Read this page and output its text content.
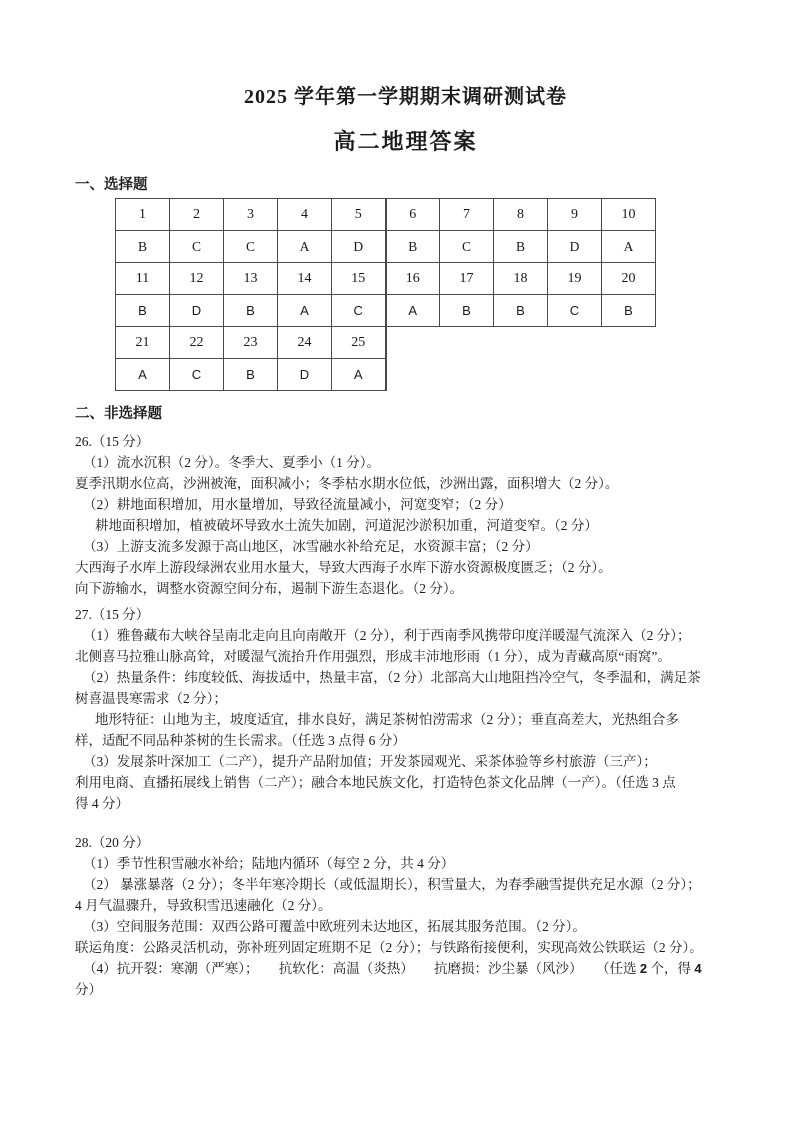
2025 学年第一学期期末调研测试卷
高二地理答案
一、选择题
1	2	3	4	5	6	7	8	9	10
B	C	C	A	D	B	C	B	D	A
11	12	13	14	15	16	17	18	19	20
B	D	B	A	C	A	B	B	C	B
21	22	23	24	25					
A	C	B	D	A					
二、非选择题
26.（15 分）
（1）流水沉积（2 分）。冬季大、夏季小（1 分）。
夏季汛期水位高，沙洲被淹，面积减小；冬季枯水期水位低，沙洲出露，面积增大（2 分）。
（2）耕地面积增加，用水量增加，导致径流量减小，河宽变窄；（2 分）
耕地面积增加，植被破坏导致水土流失加剧，河道泥沙淤积加重，河道变窄。（2 分）
（3）上游支流多发源于高山地区，冰雪融水补给充足，水资源丰富；（2 分）
大西海子水库上游段绿洲农业用水量大，导致大西海子水库下游水资源极度匮乏；（2 分）。
向下游输水，调整水资源空间分布，遏制下游生态退化。（2 分）。
27.（15 分）
（1）雅鲁藏布大峡谷呈南北走向且向南敞开（2 分），利于西南季风携带印度洋暖湿气流深入（2 分）；
北侧喜马拉雅山脉高耸，对暖湿气流抬升作用强烈，形成丰沛地形雨（1 分），成为青藏高原“雨窝”。
（2）热量条件：纬度较低、海拔适中，热量丰富，（2 分）北部高大山地阻挡冷空气，冬季温和，满足茶
树喜温畏寒需求（2 分）；
地形特征：山地为主，坡度适宜，排水良好，满足茶树怕涝需求（2 分）；垂直高差大，光热组合多
样，适配不同品种茶树的生长需求。（任选 3 点得 6 分）
（3）发展茶叶深加工（二产），提升产品附加值；开发茶园观光、采茶体验等乡村旅游（三产）；
利用电商、直播拓展线上销售（二产）；融合本地民族文化，打造特色茶文化品牌（一产）。（任选 3 点
得 4 分）
28.（20 分）
（1）季节性积雪融水补给；陆地内循环（每空 2 分，共 4 分）
（2） 暴涨暴落（2 分）；冬半年寒冷期长（或低温期长），积雪量大，为春季融雪提供充足水源（2 分）；
4 月气温骤升，导致积雪迅速融化（2 分）。
（3）空间服务范围：双西公路可覆盖中欧班列未达地区，拓展其服务范围。（2 分）。
联运角度：公路灵活机动，弥补班列固定班期不足（2 分）；与铁路衔接便利，实现高效公铁联运（2 分）。
（4）抗开裂：寒潮（严寒）；　　抗软化：高温（炎热）　　抗磨损：沙尘暴（风沙）　　（任选 2 个，得 4
分）
